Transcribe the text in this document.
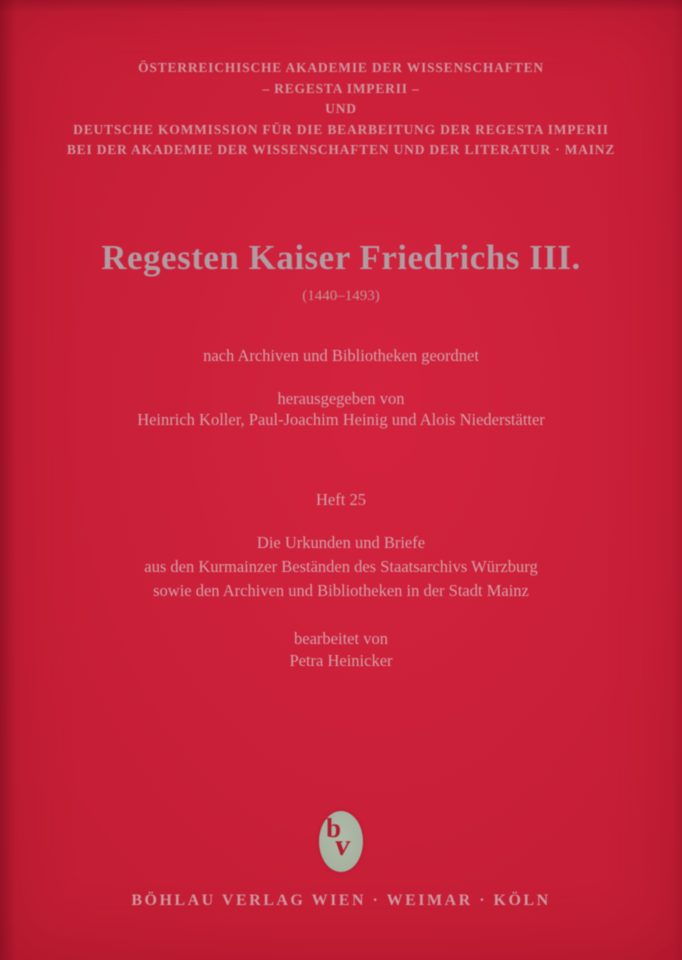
ÖSTERREICHISCHE AKADEMIE DER WISSENSCHAFTEN
– REGESTA IMPERII –
UND
DEUTSCHE KOMMISSION FÜR DIE BEARBEITUNG DER REGESTA IMPERII
BEI DER AKADEMIE DER WISSENSCHAFTEN UND DER LITERATUR · MAINZ
Regesten Kaiser Friedrichs III.
(1440–1493)
nach Archiven und Bibliotheken geordnet
herausgegeben von
Heinrich Koller, Paul-Joachim Heinig und Alois Niederstätter
Heft 25
Die Urkunden und Briefe
aus den Kurmainzer Beständen des Staatsarchivs Würzburg
sowie den Archiven und Bibliotheken in der Stadt Mainz
bearbeitet von
Petra Heinicker
b
v
BÖHLAU VERLAG WIEN · WEIMAR · KÖLN
